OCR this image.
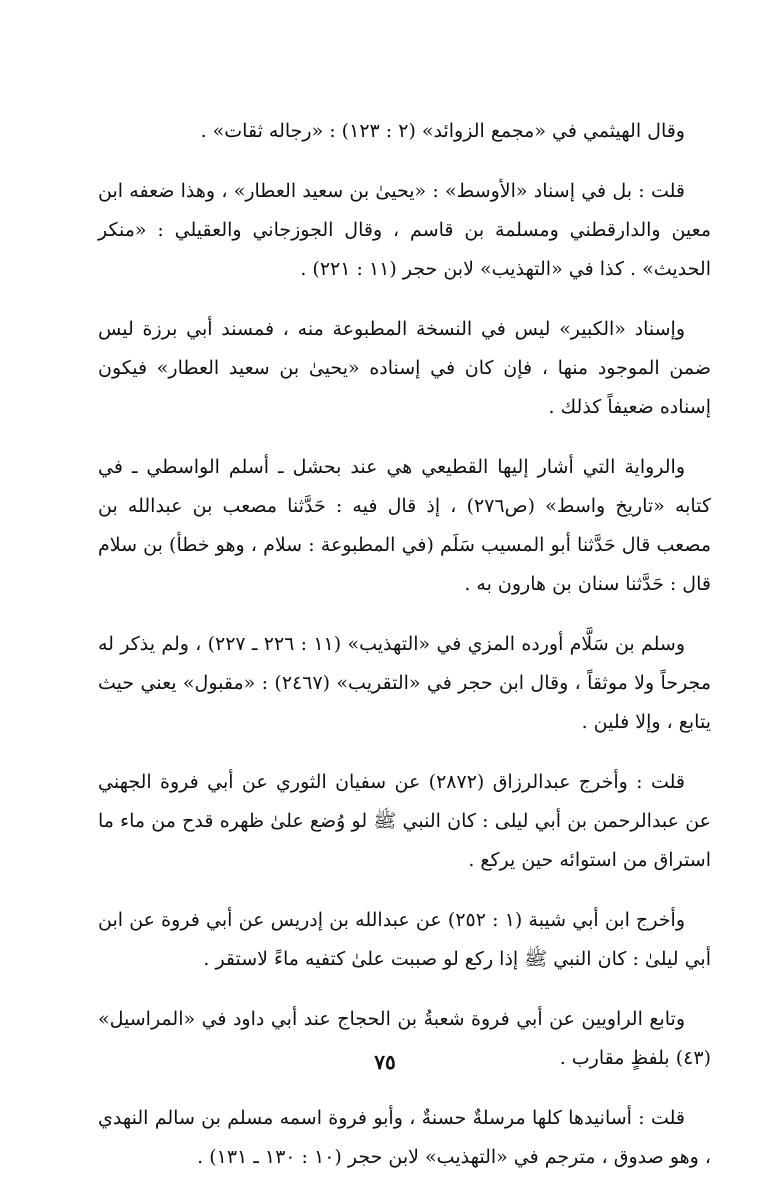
وقال الهيثمي في «مجمع الزوائد» (٢ : ١٢٣) : «رجاله ثقات» .

قلت : بل في إسناد «الأوسط» : «يحيىٰ بن سعيد العطار» ، وهذا ضعفه ابن معين والدارقطني ومسلمة بن قاسم ، وقال الجوزجاني والعقيلي : «منكر الحديث» . كذا في «التهذيب» لابن حجر (١١ : ٢٢١) .

وإسناد «الكبير» ليس في النسخة المطبوعة منه ، فمسند أبي برزة ليس ضمن الموجود منها ، فإن كان في إسناده «يحيىٰ بن سعيد العطار» فيكون إسناده ضعيفاً كذلك .

والرواية التي أشار إليها القطيعي هي عند بحشل ـ أسلم الواسطي ـ في كتابه «تاريخ واسط» (ص٢٧٦) ، إذ قال فيه : حَدَّثنا مصعب بن عبدالله بن مصعب قال حَدَّثنا أبو المسيب سَلَم (في المطبوعة : سلام ، وهو خطأ) بن سلام قال : حَدَّثنا سنان بن هارون به .

وسلم بن سَلَّام أورده المزي في «التهذيب» (١١ : ٢٢٦ ـ ٢٢٧) ، ولم يذكر له مجرحاً ولا موثقاً ، وقال ابن حجر في «التقريب» (٢٤٦٧) : «مقبول» يعني حيث يتابع ، وإلا فلين .

قلت : وأخرج عبدالرزاق (٢٨٧٢) عن سفيان الثوري عن أبي فروة الجهني عن عبدالرحمن بن أبي ليلى : كان النبي ﷺ لو وُضع علىٰ ظهره قدح من ماء ما استراق من استوائه حين يركع .

وأخرج ابن أبي شيبة (١ : ٢٥٢) عن عبدالله بن إدريس عن أبي فروة عن ابن أبي ليلىٰ : كان النبي ﷺ إذا ركع لو صببت علىٰ كتفيه ماءً لاستقر .

وتابع الراويين عن أبي فروة شعبةُ بن الحجاج عند أبي داود في «المراسيل» (٤٣) بلفظٍ مقارب .

قلت : أسانيدها كلها مرسلةٌ حسنةٌ ، وأبو فروة اسمه مسلم بن سالم النهدي ، وهو صدوق ، مترجم في «التهذيب» لابن حجر (١٠ : ١٣٠ ـ ١٣١) .

٧٥
